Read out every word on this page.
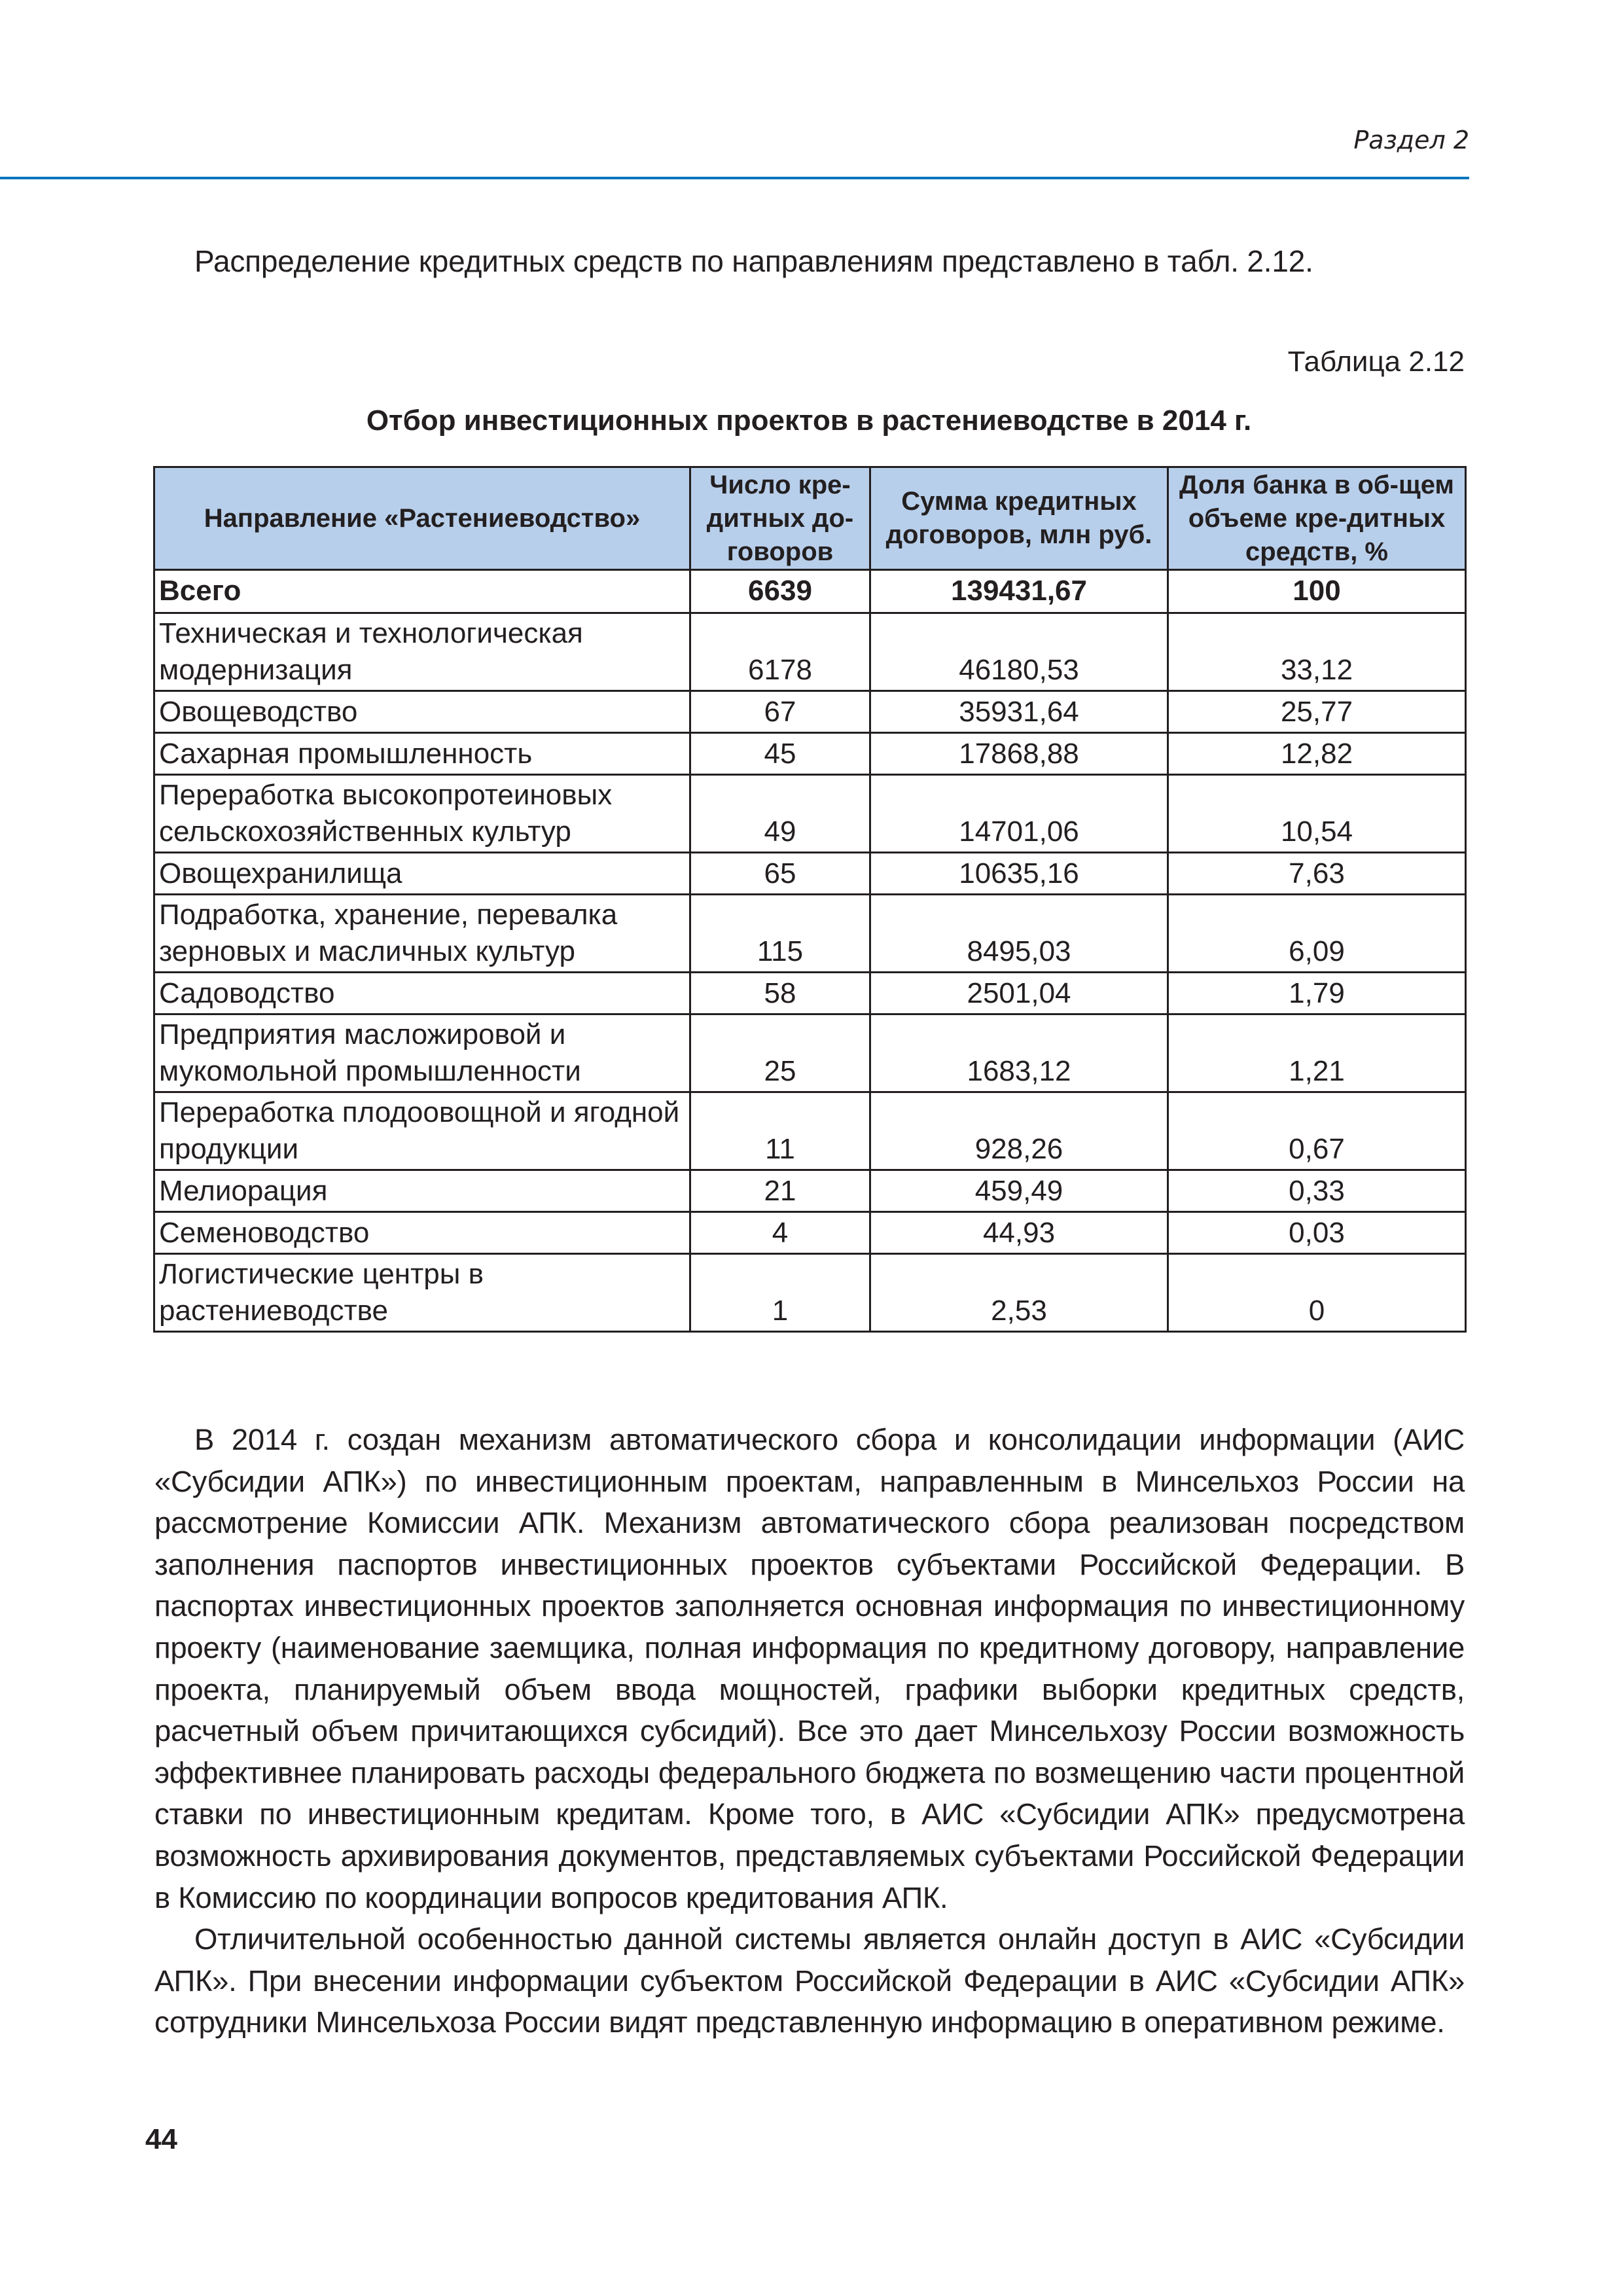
Раздел 2
Распределение кредитных средств по направлениям представлено в табл. 2.12.
Таблица 2.12
Отбор инвестиционных проектов в растениеводстве в 2014 г.
Направление «Растениеводство»	Число кре-дитных до-говоров	Сумма кредитных договоров, млн руб.	Доля банка в об-щем объеме кре-дитных средств, %
Всего	6639	139431,67	100
Техническая и технологическая модернизация	6178	46180,53	33,12
Овощеводство	67	35931,64	25,77
Сахарная промышленность	45	17868,88	12,82
Переработка высокопротеиновых сельскохозяйственных культур	49	14701,06	10,54
Овощехранилища	65	10635,16	7,63
Подработка, хранение, перевалка зерновых и масличных культур	115	8495,03	6,09
Садоводство	58	2501,04	1,79
Предприятия масложировой и мукомольной промышленности	25	1683,12	1,21
Переработка плодоовощной и ягодной продукции	11	928,26	0,67
Мелиорация	21	459,49	0,33
Семеноводство	4	44,93	0,03
Логистические центры в растениеводстве	1	2,53	0

В 2014 г. создан механизм автоматического сбора и консолидации информации (АИС «Субсидии АПК») по инвестиционным проектам, направленным в Минсельхоз России на рассмотрение Комиссии АПК. Механизм автоматического сбора реализован посредством заполнения паспортов инвестиционных проектов субъектами Российской Федерации. В паспортах инвестиционных проектов заполняется основная информация по инвестиционному проекту (наименование заемщика, полная информация по кредитному договору, направление проекта, планируемый объем ввода мощностей, графики выборки кредитных средств, расчетный объем причитающихся субсидий). Все это дает Минсельхозу России возможность эффективнее планировать расходы федерального бюджета по возмещению части процентной ставки по инвестиционным кредитам. Кроме того, в АИС «Субсидии АПК» предусмотрена возможность архивирования документов, представляемых субъектами Российской Федерации в Комиссию по координации вопросов кредитования АПК.

Отличительной особенностью данной системы является онлайн доступ в АИС «Субсидии АПК». При внесении информации субъектом Российской Федерации в АИС «Субсидии АПК» сотрудники Минсельхоза России видят представленную информацию в оперативном режиме.

44
